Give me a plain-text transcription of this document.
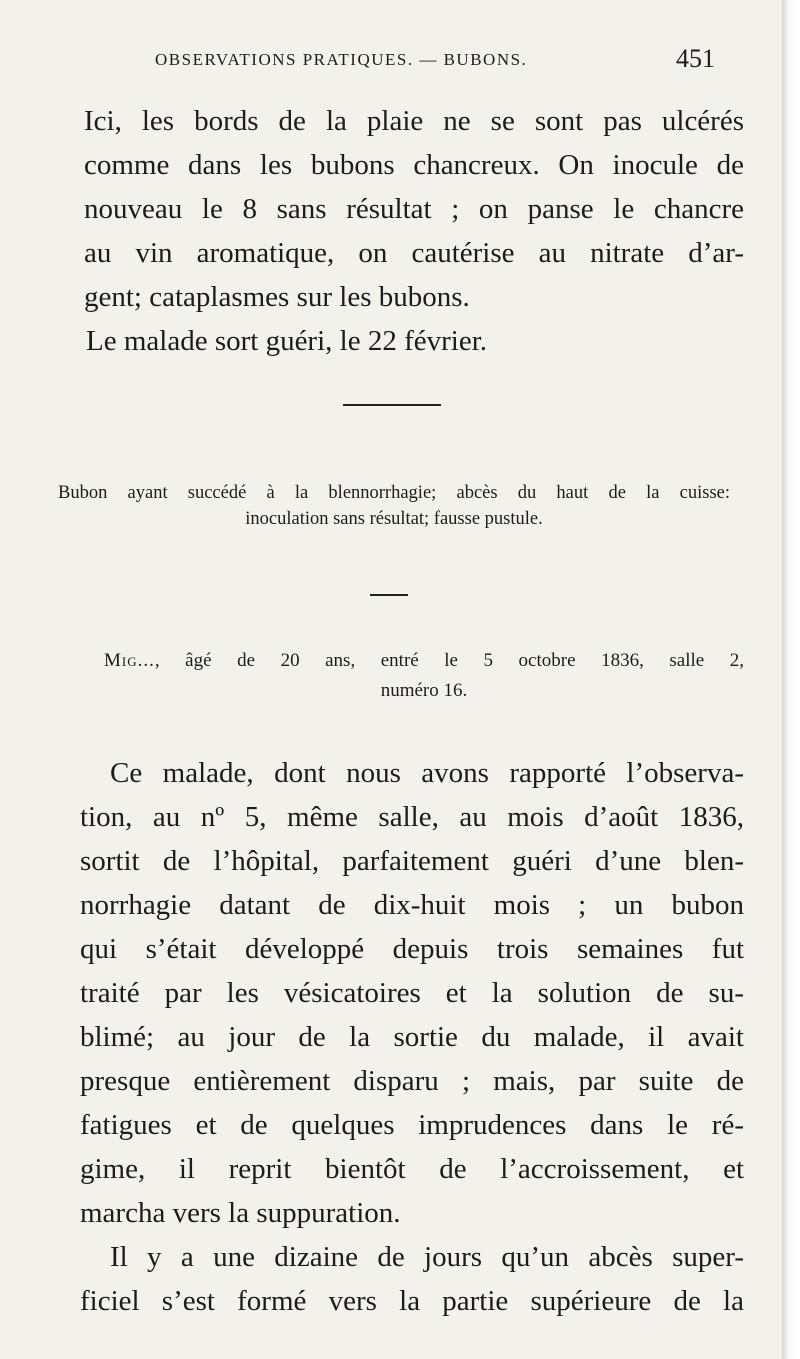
OBSERVATIONS PRATIQUES. — BUBONS.	451
Ici, les bords de la plaie ne se sont pas ulcérés
comme dans les bubons chancreux. On inocule de
nouveau le 8 sans résultat ; on panse le chancre
au vin aromatique, on cautérise au nitrate d’ar-
gent; cataplasmes sur les bubons.
Le malade sort guéri, le 22 février.
Bubon ayant succédé à la blennorrhagie; abcès du haut de la cuisse:
inoculation sans résultat; fausse pustule.
Mig..., âgé de 20 ans, entré le 5 octobre 1836, salle 2,
numéro 16.
Ce malade, dont nous avons rapporté l’observa-
tion, au nº 5, même salle, au mois d’août 1836,
sortit de l’hôpital, parfaitement guéri d’une blen-
norrhagie datant de dix-huit mois ; un bubon
qui s’était développé depuis trois semaines fut
traité par les vésicatoires et la solution de su-
blimé; au jour de la sortie du malade, il avait
presque entièrement disparu ; mais, par suite de
fatigues et de quelques imprudences dans le ré-
gime, il reprit bientôt de l’accroissement, et
marcha vers la suppuration.
Il y a une dizaine de jours qu’un abcès super-
ficiel s’est formé vers la partie supérieure de la
